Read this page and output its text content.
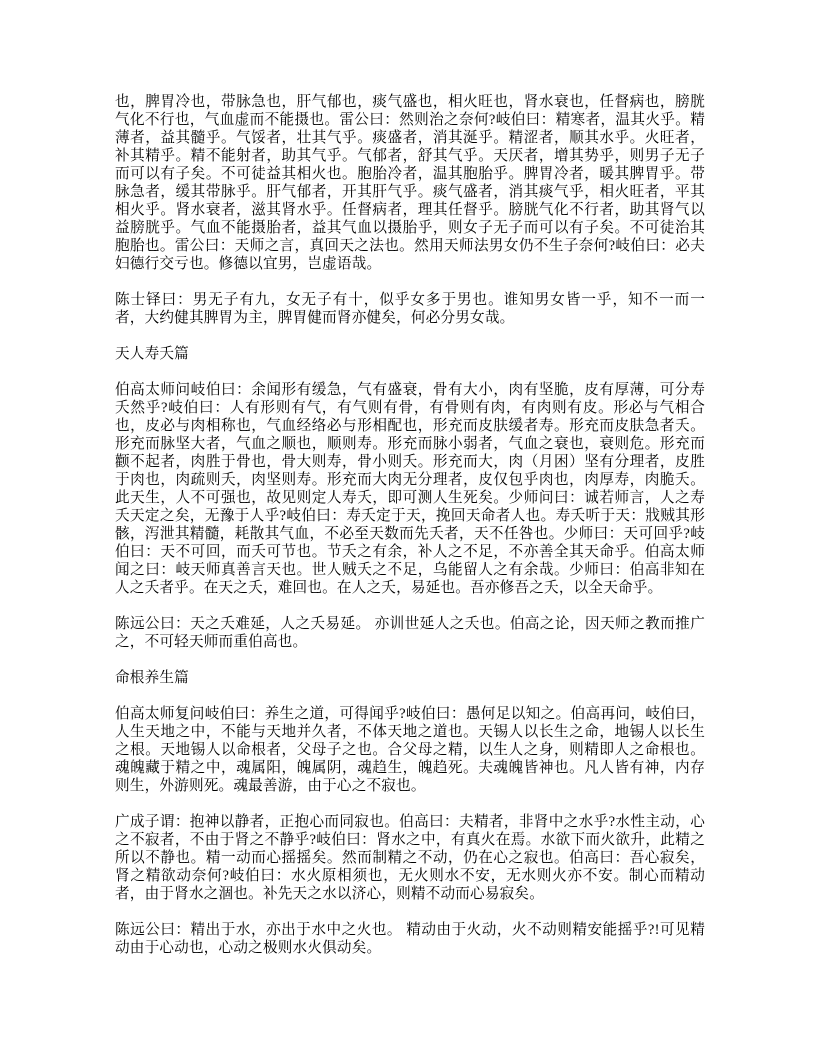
也，脾胃冷也，带脉急也，肝气郁也，痰气盛也，相火旺也，肾水衰也，任督病也，膀胱气化不行也，气血虚而不能摄也。雷公曰：然则治之奈何?岐伯曰：精寒者，温其火乎。精薄者，益其髓乎。气馁者，壮其气乎。痰盛者，消其涎乎。精涩者，顺其水乎。火旺者，补其精乎。精不能射者，助其气乎。气郁者，舒其气乎。天厌者，增其势乎，则男子无子而可以有子矣。不可徒益其相火也。胞胎冷者，温其胞胎乎。脾胃冷者，暖其脾胃乎。带脉急者，缓其带脉乎。肝气郁者，开其肝气乎。痰气盛者，消其痰气乎，相火旺者，平其相火乎。肾水衰者，滋其肾水乎。任督病者，理其任督乎。膀胱气化不行者，助其肾气以益膀胱乎。气血不能摄胎者，益其气血以摄胎乎，则女子无子而可以有子矣。不可徒治其胞胎也。雷公曰：天师之言，真回天之法也。然用天师法男女仍不生子奈何?岐伯曰：必夫妇德行交亏也。修德以宜男，岂虚语哉。

陈士铎曰：男无子有九，女无子有十，似乎女多于男也。谁知男女皆一乎，知不一而一者，大约健其脾胃为主，脾胃健而肾亦健矣，何必分男女哉。

天人寿夭篇

伯高太师问岐伯曰：余闻形有缓急，气有盛衰，骨有大小，肉有坚脆，皮有厚薄，可分寿夭然乎?岐伯曰：人有形则有气，有气则有骨，有骨则有肉，有肉则有皮。形必与气相合也，皮必与肉相称也，气血经络必与形相配也，形充而皮肤缓者寿。形充而皮肤急者夭。形充而脉坚大者，气血之顺也，顺则寿。形充而脉小弱者，气血之衰也，衰则危。形充而颧不起者，肉胜于骨也，骨大则寿，骨小则夭。形充而大，肉（月困）坚有分理者，皮胜于肉也，肉疏则夭，肉坚则寿。形充而大肉无分理者，皮仅包乎肉也，肉厚寿，肉脆夭。此天生，人不可强也，故见则定人寿夭，即可测人生死矣。少师问曰：诚若师言，人之寿夭天定之矣，无豫于人乎?岐伯曰：寿夭定于天，挽回天命者人也。寿夭听于天：戕贼其形骸，泻泄其精髓，耗散其气血，不必至天数而先夭者，天不任咎也。少师曰：天可回乎?岐伯曰：天不可回，而夭可节也。节夭之有余，补人之不足，不亦善全其天命乎。伯高太师闻之曰：岐天师真善言天也。世人贼夭之不足，乌能留人之有余哉。少师曰：伯高非知在人之夭者乎。在天之夭，难回也。在人之夭，易延也。吾亦修吾之夭，以全天命乎。

陈远公曰：天之夭难延，人之夭易延。 亦训世延人之夭也。伯高之论，因天师之教而推广之，不可轻天师而重伯高也。

命根养生篇

伯高太师复问岐伯曰：养生之道，可得闻乎?岐伯曰：愚何足以知之。伯高再问，岐伯曰，人生天地之中，不能与天地并久者，不体天地之道也。天锡人以长生之命，地锡人以长生之根。天地锡人以命根者，父母子之也。合父母之精，以生人之身，则精即人之命根也。魂魄藏于精之中，魂属阳，魄属阴，魂趋生，魄趋死。夫魂魄皆神也。凡人皆有神，内存则生，外游则死。魂最善游，由于心之不寂也。

广成子谓：抱神以静者，正抱心而同寂也。伯高曰：夫精者，非肾中之水乎?水性主动，心之不寂者，不由于肾之不静乎?岐伯曰：肾水之中，有真火在焉。水欲下而火欲升，此精之所以不静也。精一动而心摇摇矣。然而制精之不动，仍在心之寂也。伯高曰：吾心寂矣，肾之精欲动奈何?岐伯曰：水火原相须也，无火则水不安，无水则火亦不安。制心而精动者，由于肾水之涸也。补先天之水以济心，则精不动而心易寂矣。

陈远公曰：精出于水，亦出于水中之火也。 精动由于火动，火不动则精安能摇乎?!可见精动由于心动也，心动之极则水火俱动矣。
